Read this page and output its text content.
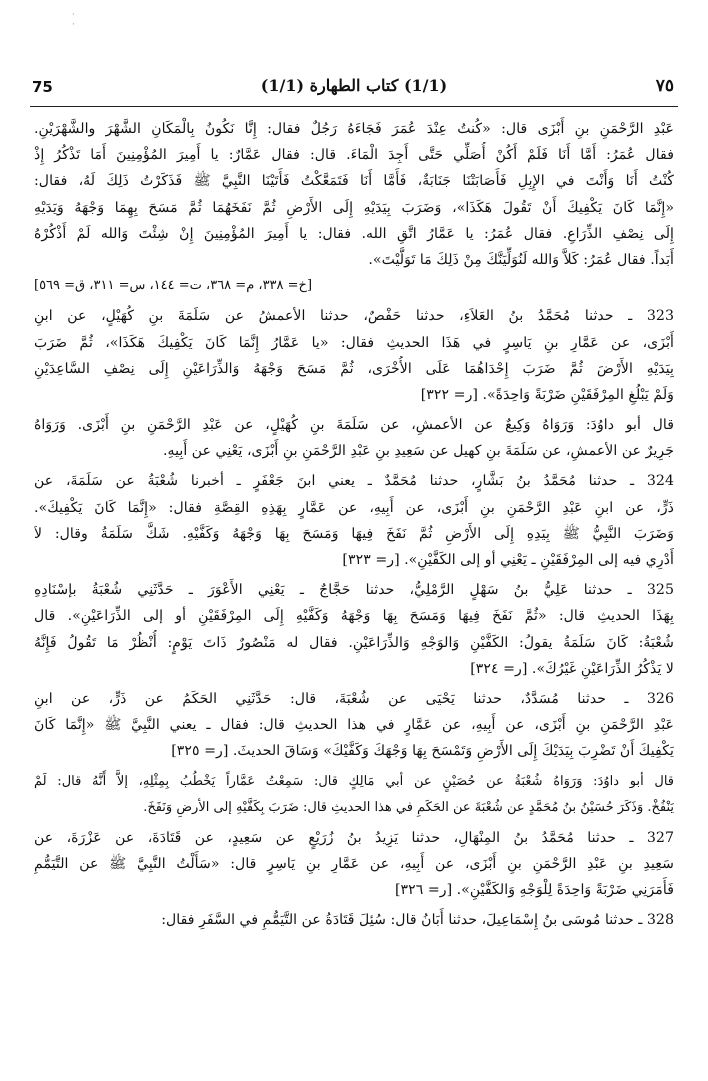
· ·
75	(1/1) كتاب الطهارة (1/1)	٧٥
عَبْدِ الرَّحْمَنِ بنِ أَبْزَى قال: «كُنتُ عِنْدَ عُمَرَ فَجَاءَهُ رَجُلٌ فقال: إِنَّا نَكُونُ بِالْمَكَانِ الشَّهْرَ والشَّهْرَيْنِ.
فقال عُمَرُ: أَمَّا أَنَا فَلَمْ أَكُنْ أُصَلِّي حَتَّى أَجِدَ الْمَاءَ. قال: فقال عَمَّارٌ: يا أَمِيرَ المُؤْمِنِينَ أَمَا تَذْكُرُ إِذْ
كُنْتُ أَنَا وَأَنْتَ في الإِبِلِ فَأَصَابَتْنَا جَنَابَةٌ، فَأَمَّا أَنَا فَتَمَعَّكْتُ فَأَتَيْنَا النَّبِيَّ ﷺ فَذَكَرْتُ ذَلِكَ لَهُ، فقال:
«إِنَّمَا كَانَ يَكْفِيكَ أَنْ تَقُولَ هَكَذَا»، وَضَرَبَ بِيَدَيْهِ إِلَى الأَرْضِ ثُمَّ نَفَخَهُمَا ثُمَّ مَسَحَ بِهِمَا وَجْهَهُ وَيَدَيْهِ
إِلَى نِصْفِ الذِّرَاعِ. فقال عُمَرُ: يا عَمَّارُ اتَّقِ الله. فقال: يا أَمِيرَ المُؤْمِنِينَ إِنْ شِئْتَ وَالله لَمْ أَذْكُرْهُ
أَبَداً. فقال عُمَرُ: كَلاَّ وَالله لَنُوَلِّيَنَّكَ مِنْ ذَلِكَ مَا تَوَلَّيْتَ».
[خ= ٣٣٨، م= ٣٦٨، ت= ١٤٤، س= ٣١١، ق= ٥٦٩]
323 ـ حدثنا مُحَمَّدُ بنُ العَلاَءِ، حدثنا حَفْصٌ، حدثنا الأعمشُ عن سَلَمَةَ بنِ كُهَيْلٍ، عن ابنِ
أَبْزَى، عن عَمَّارِ بنِ يَاسِرٍ في هَذَا الحديثِ فقال: «يا عَمَّارُ إِنَّمَا كَانَ يَكْفِيكَ هَكَذَا»، ثُمَّ ضَرَبَ
بِيَدَيْهِ الأَرْضَ ثُمَّ ضَرَبَ إِحْدَاهُمَا عَلَى الأُخْرَى، ثُمَّ مَسَحَ وَجْهَهُ وَالذِّرَاعَيْنِ إِلَى نِصْفِ السَّاعِدَيْنِ
وَلَمْ يَبْلُغِ المِرْفَقَيْنِ ضَرْبَةً وَاحِدَةً». [ر= ٣٢٢]
قال أبو داوُدَ: وَرَوَاهُ وَكِيعٌ عن الأعمشِ، عن سَلَمَةَ بنِ كُهَيْلٍ، عن عَبْدِ الرَّحْمَنِ بنِ أَبْزَى. وَرَوَاهُ
جَرِيرٌ عن الأعمشِ، عن سَلَمَةَ بنِ كهيل عن سَعِيدِ بنِ عَبْدِ الرَّحْمَنِ بنِ أَبْزَى، يَعْنِي عن أَبِيهِ.
324 ـ حدثنا مُحَمَّدُ بنُ بَشَّارٍ، حدثنا مُحَمَّدٌ ـ يعني ابنَ جَعْفَرٍ ـ أخبرنا شُعْبَةُ عن سَلَمَةَ، عن
ذَرٍّ، عن ابنِ عَبْدِ الرَّحْمَنِ بنِ أَبْزَى، عن أَبِيهِ، عن عَمَّارٍ بِهَذِهِ القِصَّةِ فقال: «إِنَّمَا كَانَ يَكْفِيكَ».
وَضَرَبَ النَّبِيُّ ﷺ بِيَدِهِ إِلَى الأَرْضِ ثُمَّ نَفَخَ فِيهَا وَمَسَحَ بِهَا وَجْهَهُ وَكَفَّيْهِ. شَكَّ سَلَمَةُ وقال: لاَ
أَدْرِي فيه إلى المِرْفَقَيْنِ ـ يَعْنِي أو إلى الكَفَّيْنِ». [ر= ٣٢٣]
325 ـ حدثنا عَلِيُّ بنُ سَهْلٍ الرَّمْلِيُّ، حدثنا حَجَّاجٌ ـ يَعْنِي الأَعْوَرَ ـ حَدَّثَنِي شُعْبَةُ بإسْنَادِهِ
بِهَذَا الحديثِ قال: «ثُمَّ نَفَخَ فِيهَا وَمَسَحَ بِهَا وَجْهَهُ وَكَفَّيْهِ إِلَى المِرْفَقَيْنِ أو إلى الذِّرَاعَيْنِ». قال
شُعْبَةُ: كَانَ سَلَمَةُ يقولُ: الكَفَّيْنِ وَالوَجْهِ وَالذِّرَاعَيْنِ. فقال له مَنْصُورٌ ذَاتَ يَوْمٍ: أُنْظُرْ مَا تَقُولُ فَإِنَّهُ
لا يَذْكُرُ الذِّرَاعَيْنِ غَيْرُكَ». [ر= ٣٢٤]
326 ـ حدثنا مُسَدَّدٌ، حدثنا يَحْيَى عن شُعْبَةَ، قال: حَدَّثَنِي الحَكَمُ عن ذَرٍّ، عن ابنِ
عَبْدِ الرَّحْمَنِ بنِ أَبْزَى، عن أَبِيهِ، عن عَمَّارٍ في هذا الحديثِ قال: فقال ـ يعني النَّبِيَّ ﷺ «إِنَّمَا كَانَ
يَكْفِيكَ أَنْ تَضْرِبَ بِيَدَيْكَ إِلَى الأَرْضِ وَتَمْسَحَ بِهَا وَجْهَكَ وَكَفَّيْكَ» وَسَاقَ الحديثَ. [ر= ٣٢٥]
قال أبو داوُدَ: وَرَوَاهُ شُعْبَةُ عن حُصَيْنٍ عن أبي مَالِكٍ قال: سَمِعْتُ عَمَّاراً يَخْطُبُ بِمِثْلِهِ، إلاَّ أَنَّهُ قال: لَمْ
يَنْفُخْ. وَذَكَرَ حُسَيْنُ بنُ مُحَمَّدٍ عن شُعْبَةَ عن الحَكَمِ في هذا الحديثِ قال: ضَرَبَ بِكَفَّيْهِ إلى الأرضِ وَنَفَخَ.
327 ـ حدثنا مُحَمَّدُ بنُ المِنْهَالِ، حدثنا يَزِيدُ بنُ زُرَيْعٍ عن سَعِيدٍ، عن قَتَادَةَ، عن عَزْرَةَ، عن
سَعِيدِ بنِ عَبْدِ الرَّحْمَنِ بنِ أَبْزَى، عن أَبِيهِ، عن عَمَّارِ بنِ يَاسِرٍ قال: «سَأَلْتُ النَّبِيَّ ﷺ عن التَّيَمُّمِ
فَأَمَرَنِي ضَرْبَةً وَاحِدَةً لِلْوَجْهِ وَالكَفَّيْنِ». [ر= ٣٢٦]
328 ـ حدثنا مُوسَى بنُ إِسْمَاعِيلَ، حدثنا أَبَانُ قال: سُئِلَ قَتَادَةُ عن التَّيَمُّمِ في السَّفَرِ فقال:
